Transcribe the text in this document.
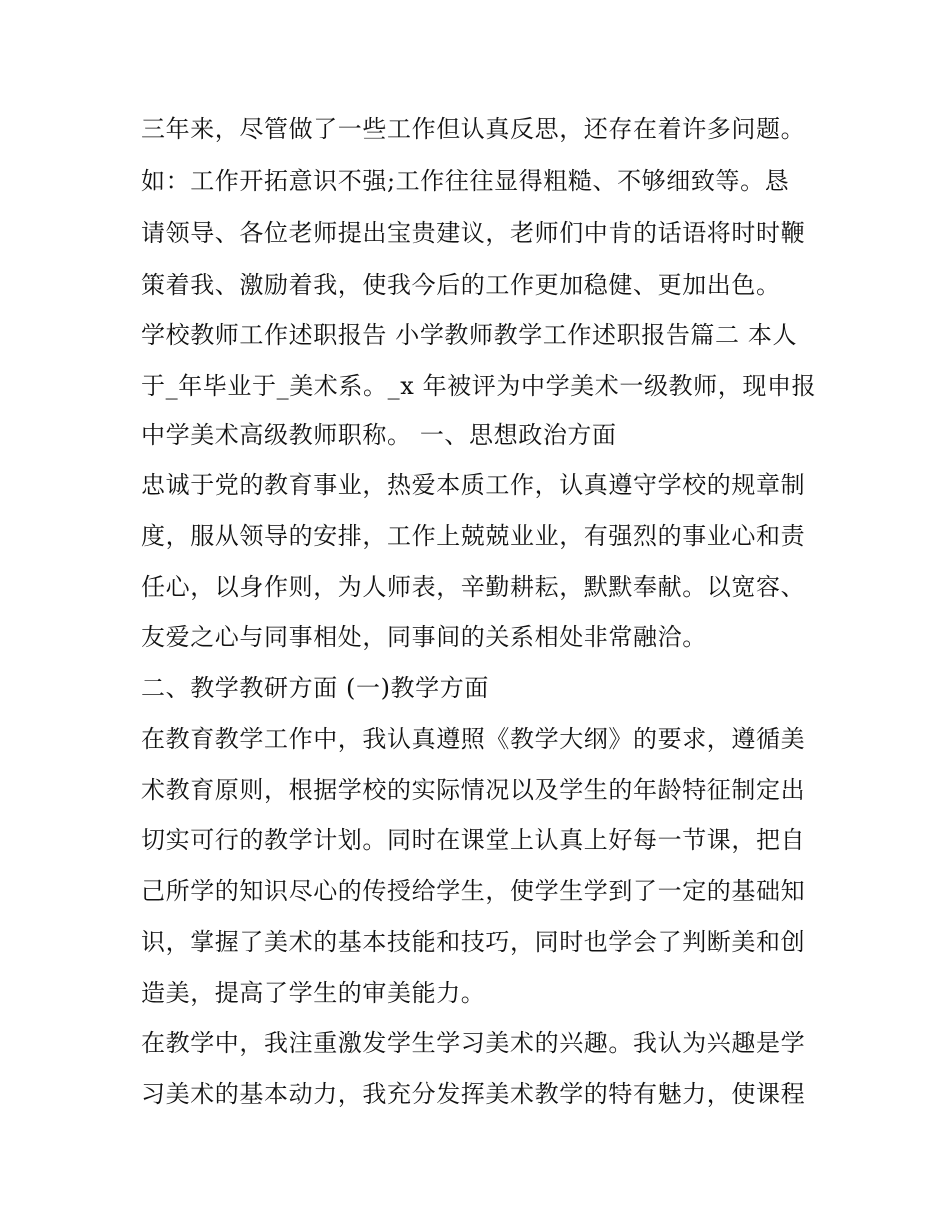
三年来，尽管做了一些工作但认真反思，还存在着许多问题。
如：工作开拓意识不强;工作往往显得粗糙、不够细致等。恳
请领导、各位老师提出宝贵建议，老师们中肯的话语将时时鞭
策着我、激励着我，使我今后的工作更加稳健、更加出色。
学校教师工作述职报告 小学教师教学工作述职报告篇二 本人
于_年毕业于_美术系。_x 年被评为中学美术一级教师，现申报
中学美术高级教师职称。 一、思想政治方面
忠诚于党的教育事业，热爱本质工作，认真遵守学校的规章制
度，服从领导的安排，工作上兢兢业业，有强烈的事业心和责
任心，以身作则，为人师表，辛勤耕耘，默默奉献。以宽容、
友爱之心与同事相处，同事间的关系相处非常融洽。
二、教学教研方面 (一)教学方面
在教育教学工作中，我认真遵照《教学大纲》的要求，遵循美
术教育原则，根据学校的实际情况以及学生的年龄特征制定出
切实可行的教学计划。同时在课堂上认真上好每一节课，把自
己所学的知识尽心的传授给学生，使学生学到了一定的基础知
识，掌握了美术的基本技能和技巧，同时也学会了判断美和创
造美，提高了学生的审美能力。
在教学中，我注重激发学生学习美术的兴趣。我认为兴趣是学
习美术的基本动力，我充分发挥美术教学的特有魅力，使课程
